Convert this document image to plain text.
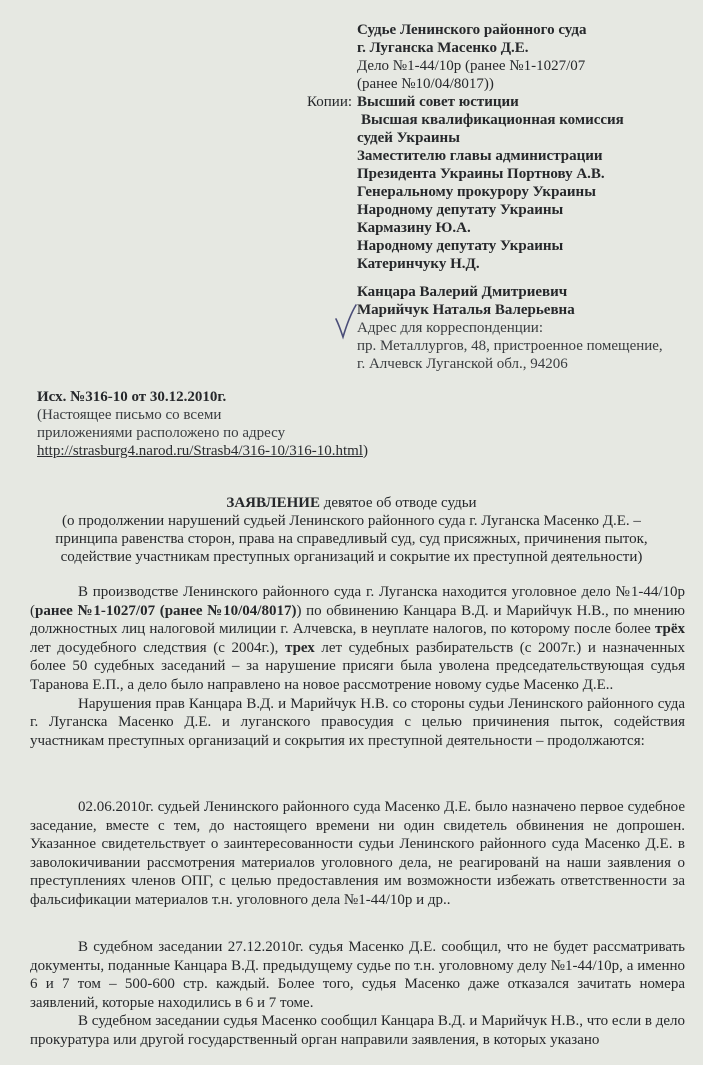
Судье Ленинского районного суда
г. Луганска Масенко Д.Е.
Дело №1-44/10р (ранее №1-1027/07
(ранее №10/04/8017))
Копии: Высший совет юстиции
Высшая квалификационная комиссия
судей Украины
Заместителю главы администрации
Президента Украины Портнову А.В.
Генеральному прокурору Украины
Народному депутату Украины
Кармазину Ю.А.
Народному депутату Украины
Катеринчуку Н.Д.
Канцара Валерий Дмитриевич
Марийчук Наталья Валерьевна
Адрес для корреспонденции:
пр. Металлургов, 48, пристроенное помещение,
г. Алчевск Луганской обл., 94206
Исх. №316-10 от 30.12.2010г.
(Настоящее письмо со всеми
приложениями расположено по адресу
http://strasburg4.narod.ru/Strasb4/316-10/316-10.html)
ЗАЯВЛЕНИЕ девятое об отводе судьи
(о продолжении нарушений судьей Ленинского районного суда г. Луганска Масенко Д.Е. –
принципа равенства сторон, права на справедливый суд, суд присяжных, причинения пыток,
содействие участникам преступных организаций и сокрытие их преступной деятельности)

В производстве Ленинского районного суда г. Луганска находится уголовное дело №1-44/10р (ранее №1-1027/07 (ранее №10/04/8017)) по обвинению Канцара В.Д. и Марийчук Н.В., по мнению должностных лиц налоговой милиции г. Алчевска, в неуплате налогов, по которому после более трёх лет досудебного следствия (с 2004г.), трех лет судебных разбирательств (с 2007г.) и назначенных более 50 судебных заседаний – за нарушение присяги была уволена председательствующая судья Таранова Е.П., а дело было направлено на новое рассмотрение новому судье Масенко Д.Е..

Нарушения прав Канцара В.Д. и Марийчук Н.В. со стороны судьи Ленинского районного суда г. Луганска Масенко Д.Е. и луганского правосудия с целью причинения пыток, содействия участникам преступных организаций и сокрытия их преступной деятельности – продолжаются:

02.06.2010г. судьей Ленинского районного суда Масенко Д.Е. было назначено первое судебное заседание, вместе с тем, до настоящего времени ни один свидетель обвинения не допрошен. Указанное свидетельствует о заинтересованности судьи Ленинского районного суда Масенко Д.Е. в заволокичивании рассмотрения материалов уголовного дела, не реагированй на наши заявления о преступлениях членов ОПГ, с целью предоставления им возможности избежать ответственности за фальсификации материалов т.н. уголовного дела №1-44/10р и др..

В судебном заседании 27.12.2010г. судья Масенко Д.Е. сообщил, что не будет рассматривать документы, поданные Канцара В.Д. предыдущему судье по т.н. уголовному делу №1-44/10р, а именно 6 и 7 том – 500-600 стр. каждый. Более того, судья Масенко даже отказался зачитать номера заявлений, которые находились в 6 и 7 томе.

В судебном заседании судья Масенко сообщил Канцара В.Д. и Марийчук Н.В., что если в дело прокуратура или другой государственный орган направили заявления, в которых указано
